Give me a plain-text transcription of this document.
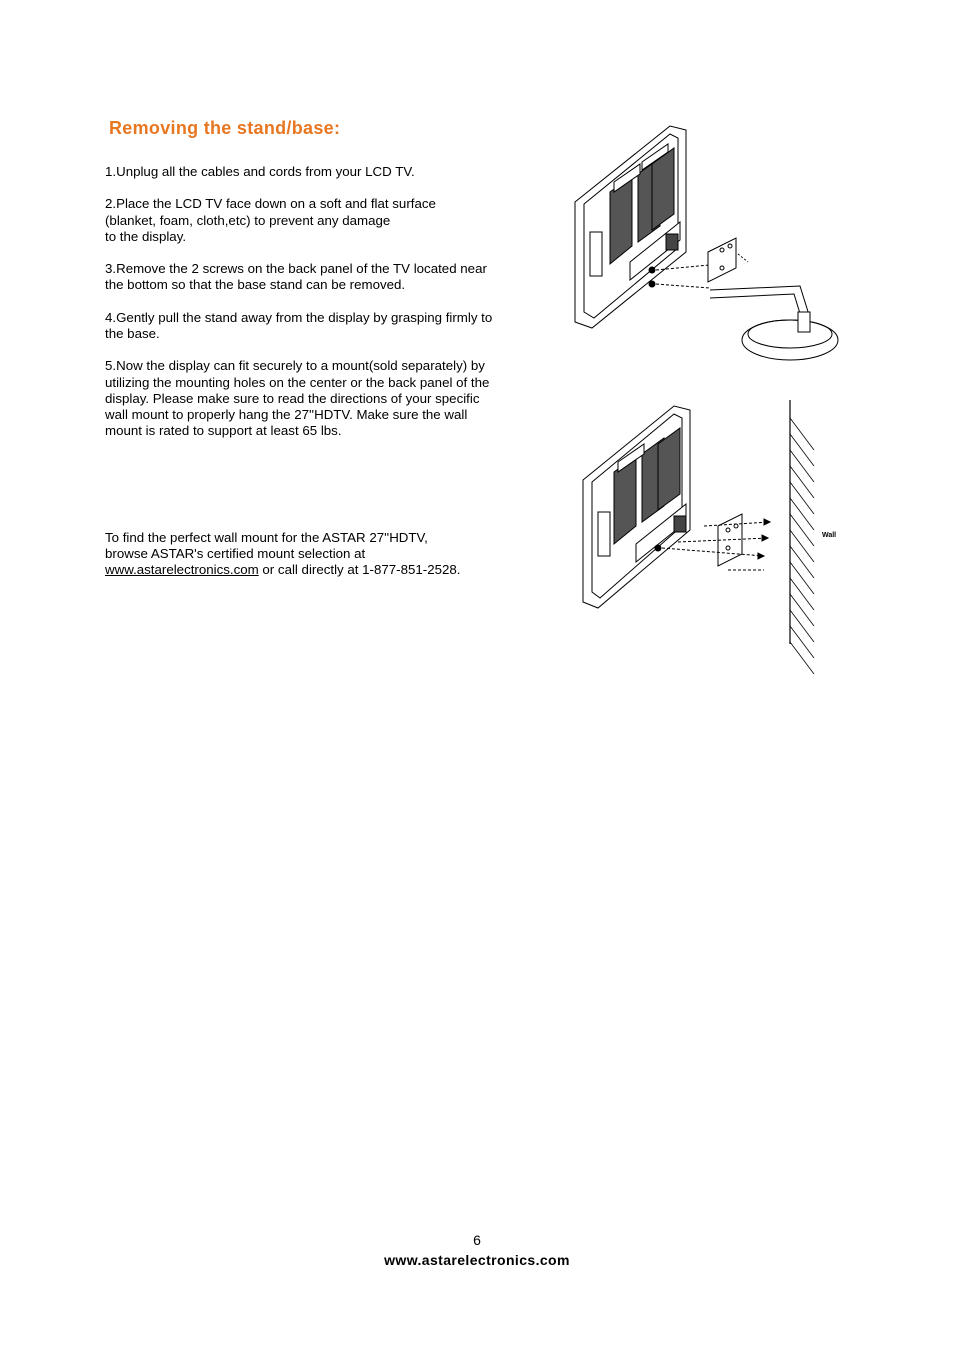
Removing the stand/base:

1.Unplug all the cables and cords from your LCD TV.

2.Place the LCD TV face down on a soft and flat surface

(blanket, foam, cloth,etc) to prevent any damage

to the display.

3.Remove the 2 screws on the back panel of the TV located near

the bottom so that the base stand can be removed.

4.Gently pull the stand away from the display by grasping firmly to

the base.

5.Now the display can fit securely to a mount(sold separately) by

utilizing the mounting holes on the center or the back panel of the

display. Please make sure to read the directions of your specific

wall mount to properly hang the 27''HDTV. Make sure the wall

mount is rated to support at least 65 lbs.

To find the perfect wall mount for the ASTAR 27''HDTV,

browse ASTAR's certified mount selection at

www.astarelectronics.com or call directly at 1-877-851-2528.

Wall
6
www.astarelectronics.com
